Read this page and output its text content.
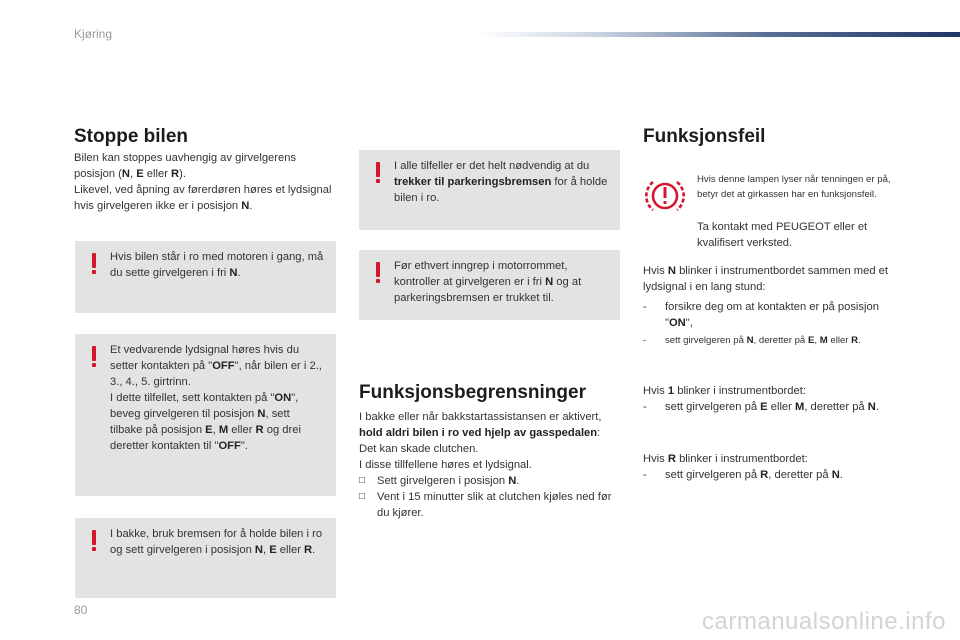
Kjøring
Stoppe bilen

Bilen kan stoppes uavhengig av girvelgerens posisjon (N, E eller R).

Likevel, ved åpning av førerdøren høres et lydsignal hvis girvelgeren ikke er i posisjon N.

Hvis bilen står i ro med motoren i gang, må du sette girvelgeren i fri N.

Et vedvarende lydsignal høres hvis du setter kontakten på "OFF", når bilen er i 2., 3., 4., 5. girtrinn.

I dette tilfellet, sett kontakten på "ON", beveg girvelgeren til posisjon N, sett tilbake på posisjon E, M eller R og drei deretter kontakten til "OFF".

I bakke, bruk bremsen for å holde bilen i ro og sett girvelgeren i posisjon N, E eller R.

I alle tilfeller er det helt nødvendig at du trekker til parkeringsbremsen for å holde bilen i ro.

Før ethvert inngrep i motorrommet, kontroller at girvelgeren er i fri N og at parkeringsbremsen er trukket til.

Funksjonsbegrensninger

I bakke eller når bakkstartassistansen er aktivert, hold aldri bilen i ro ved hjelp av gasspedalen: Det kan skade clutchen.

I disse tillfellene høres et lydsignal.

□ Sett girvelgeren i posisjon N.
□ Vent i 15 minutter slik at clutchen kjøles ned før du kjører.
Funksjonsfeil
Hvis denne lampen lyser når tenningen er på, betyr det at girkassen har en funksjonsfeil.
Ta kontakt med PEUGEOT eller et kvalifisert verksted.

Hvis N blinker i instrumentbordet sammen med et lydsignal i en lang stund:

- forsikre deg om at kontakten er på posisjon "ON",
- sett girvelgeren på N, deretter på E, M eller R.

Hvis 1 blinker i instrumentbordet:

- sett girvelgeren på E eller M, deretter på N.

Hvis R blinker i instrumentbordet:

- sett girvelgeren på R, deretter på N.
80	carmanualsonline.info
